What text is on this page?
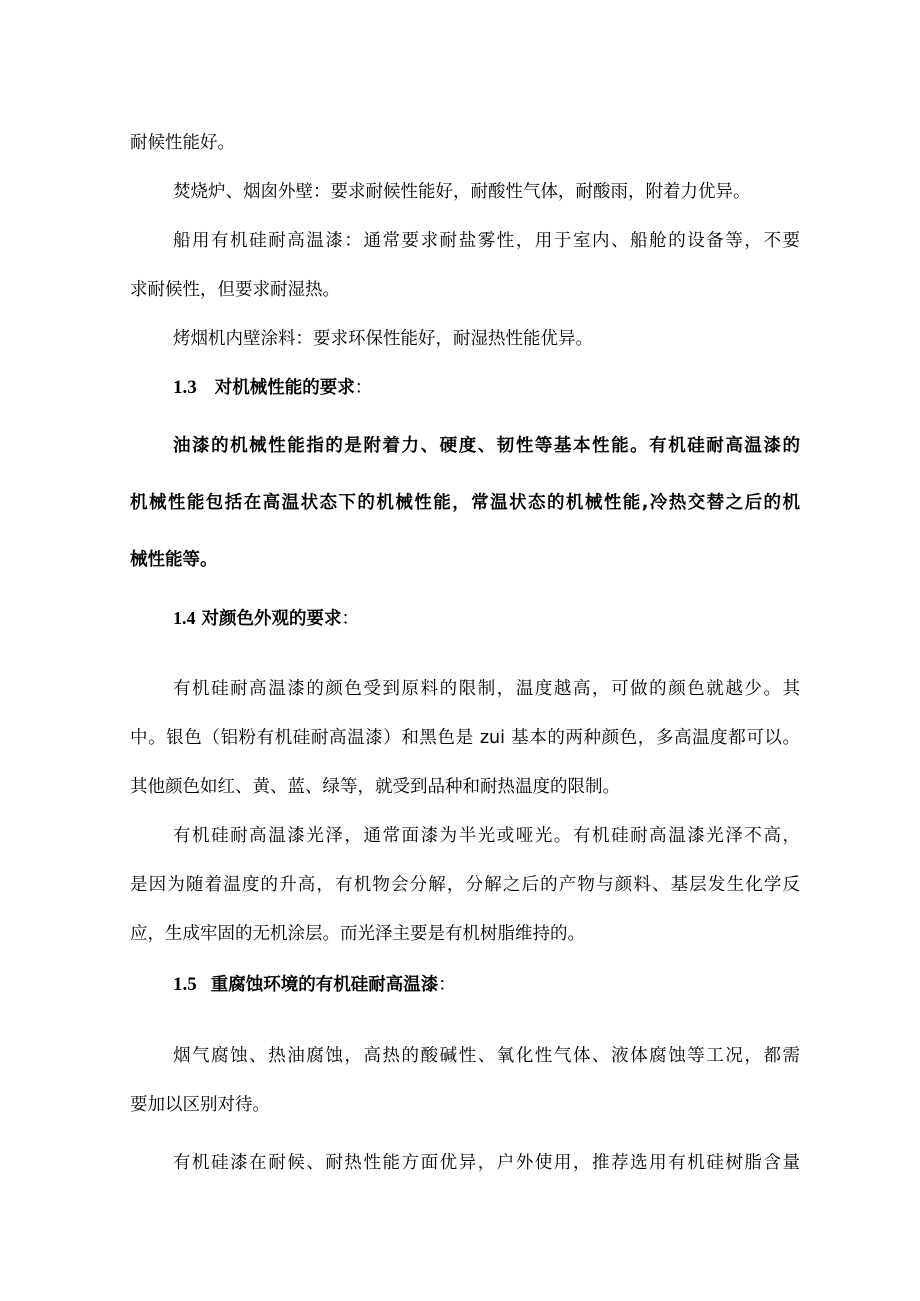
耐候性能好。
焚烧炉、烟囱外壁：要求耐候性能好，耐酸性气体，耐酸雨，附着力优异。
船用有机硅耐高温漆：通常要求耐盐雾性，用于室内、船舱的设备等，不要
求耐候性，但要求耐湿热。
烤烟机内壁涂料：要求环保性能好，耐湿热性能优异。
1.3 对机械性能的要求：
油漆的机械性能指的是附着力、硬度、韧性等基本性能。有机硅耐高温漆的
机械性能包括在高温状态下的机械性能，常温状态的机械性能,冷热交替之后的机
械性能等。
1.4 对颜色外观的要求：
有机硅耐高温漆的颜色受到原料的限制，温度越高，可做的颜色就越少。其
中。银色（铝粉有机硅耐高温漆）和黑色是 zui 基本的两种颜色，多高温度都可以。
其他颜色如红、黄、蓝、绿等，就受到品种和耐热温度的限制。
有机硅耐高温漆光泽，通常面漆为半光或哑光。有机硅耐高温漆光泽不高，
是因为随着温度的升高，有机物会分解，分解之后的产物与颜料、基层发生化学反
应，生成牢固的无机涂层。而光泽主要是有机树脂维持的。
1.5 重腐蚀环境的有机硅耐高温漆：
烟气腐蚀、热油腐蚀，高热的酸碱性、氧化性气体、液体腐蚀等工况，都需
要加以区别对待。
有机硅漆在耐候、耐热性能方面优异，户外使用，推荐选用有机硅树脂含量
